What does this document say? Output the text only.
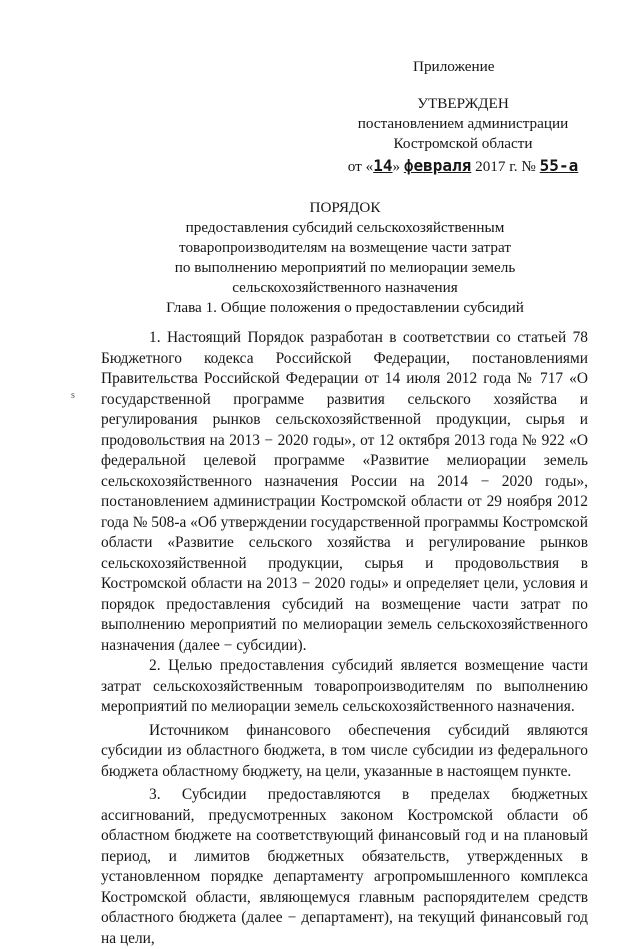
Приложение
УТВЕРЖДЕН
постановлением администрации
Костромской области
от «14» февраля 2017 г. № 55-а
ПОРЯДОК
предоставления субсидий сельскохозяйственным
товаропроизводителям на возмещение части затрат
по выполнению мероприятий по мелиорации земель
сельскохозяйственного назначения
Глава 1. Общие положения о предоставлении субсидий
s

1. Настоящий Порядок разработан в соответствии со статьей 78 Бюджетного кодекса Российской Федерации, постановлениями Правительства Российской Федерации от 14 июля 2012 года № 717 «О государственной программе развития сельского хозяйства и регулирования рынков сельскохозяйственной продукции, сырья и продовольствия на 2013 − 2020 годы», от 12 октября 2013 года № 922 «О федеральной целевой программе «Развитие мелиорации земель сельскохозяйственного назначения России на 2014 − 2020 годы», постановлением администрации Костромской области от 29 ноября 2012 года № 508-а «Об утверждении государственной программы Костромской области «Развитие сельского хозяйства и регулирование рынков сельскохозяйственной продукции, сырья и продовольствия в Костромской области на 2013 − 2020 годы» и определяет цели, условия и порядок предоставления субсидий на возмещение части затрат по выполнению мероприятий по мелиорации земель сельскохозяйственного назначения (далее − субсидии).

2. Целью предоставления субсидий является возмещение части затрат сельскохозяйственным товаропроизводителям по выполнению мероприятий по мелиорации земель сельскохозяйственного назначения.

Источником финансового обеспечения субсидий являются субсидии из областного бюджета, в том числе субсидии из федерального бюджета областному бюджету, на цели, указанные в настоящем пункте.

3. Субсидии предоставляются в пределах бюджетных ассигнований, предусмотренных законом Костромской области об областном бюджете на соответствующий финансовый год и на плановый период, и лимитов бюджетных обязательств, утвержденных в установленном порядке департаменту агропромышленного комплекса Костромской области, являющемуся главным распорядителем средств областного бюджета (далее − департамент), на текущий финансовый год на цели,
